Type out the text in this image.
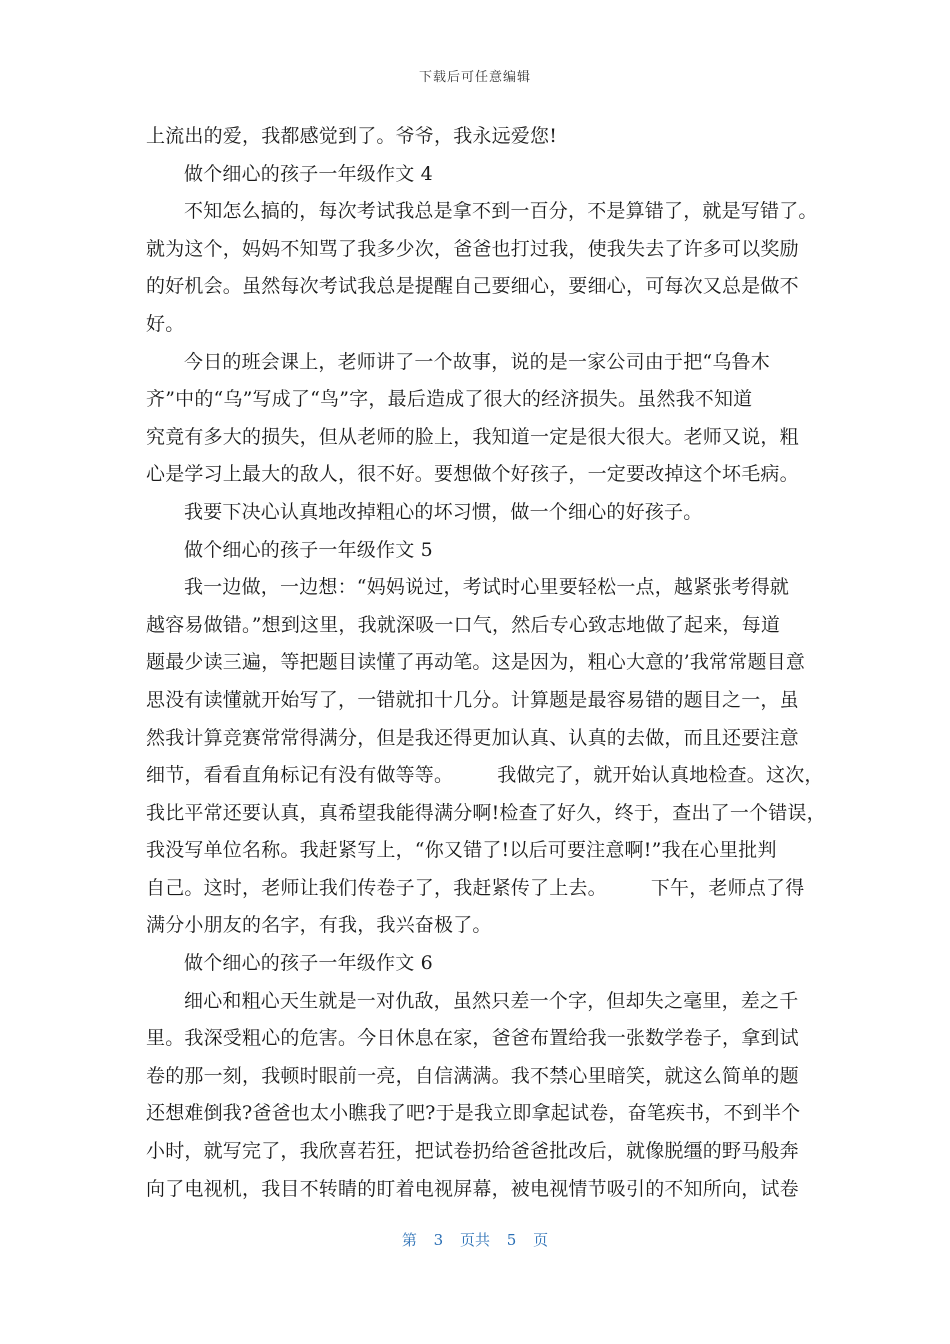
下载后可任意编辑
上流出的爱，我都感觉到了。爷爷，我永远爱您!
做个细心的孩子一年级作文 4
不知怎么搞的，每次考试我总是拿不到一百分，不是算错了，就是写错了。
就为这个，妈妈不知骂了我多少次，爸爸也打过我，使我失去了许多可以奖励
的好机会。虽然每次考试我总是提醒自己要细心，要细心，可每次又总是做不
好。
今日的班会课上，老师讲了一个故事，说的是一家公司由于把“乌鲁木
齐”中的“乌”写成了“鸟”字，最后造成了很大的经济损失。虽然我不知道
究竟有多大的损失，但从老师的脸上，我知道一定是很大很大。老师又说，粗
心是学习上最大的敌人，很不好。要想做个好孩子，一定要改掉这个坏毛病。
我要下决心认真地改掉粗心的坏习惯，做一个细心的好孩子。
做个细心的孩子一年级作文 5
我一边做，一边想：“妈妈说过，考试时心里要轻松一点，越紧张考得就
越容易做错。”想到这里，我就深吸一口气，然后专心致志地做了起来，每道
题最少读三遍，等把题目读懂了再动笔。这是因为，粗心大意的’我常常题目意
思没有读懂就开始写了，一错就扣十几分。计算题是最容易错的题目之一，虽
然我计算竞赛常常得满分，但是我还得更加认真、认真的去做，而且还要注意
细节，看看直角标记有没有做等等。 我做完了，就开始认真地检查。这次，
我比平常还要认真，真希望我能得满分啊!检查了好久，终于，查出了一个错误，
我没写单位名称。我赶紧写上，“你又错了!以后可要注意啊!”我在心里批判
自己。这时，老师让我们传卷子了，我赶紧传了上去。 下午，老师点了得
满分小朋友的名字，有我，我兴奋极了。
做个细心的孩子一年级作文 6
细心和粗心天生就是一对仇敌，虽然只差一个字，但却失之毫里，差之千
里。我深受粗心的危害。今日休息在家，爸爸布置给我一张数学卷子，拿到试
卷的那一刻，我顿时眼前一亮，自信满满。我不禁心里暗笑，就这么简单的题
还想难倒我?爸爸也太小瞧我了吧?于是我立即拿起试卷，奋笔疾书，不到半个
小时，就写完了，我欣喜若狂，把试卷扔给爸爸批改后，就像脱缰的野马般奔
向了电视机，我目不转睛的盯着电视屏幕，被电视情节吸引的不知所向，试卷
第 3 页共 5 页
